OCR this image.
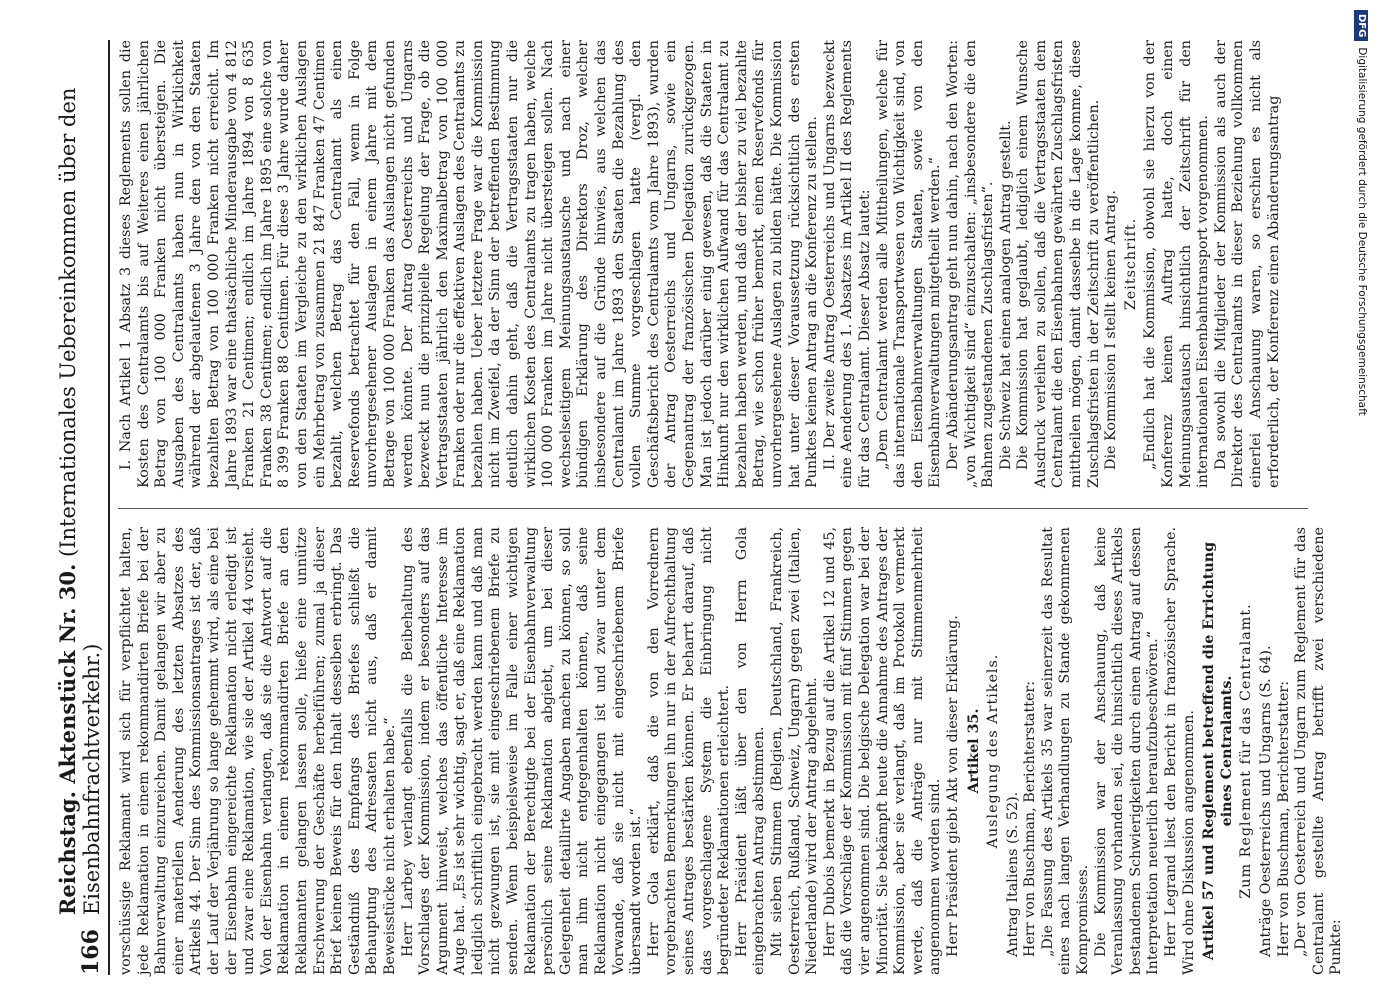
166
Reichstag. Aktenstück Nr. 30. (Internationales Uebereinkommen über den Eisenbahnfrachtverkehr.) vorschüssige Reklamant wird sich für verpflichtet halten, jede Reklamation in einem rekommandirten Briefe bei der Bahnverwaltung einzureichen. Damit gelangen wir aber zu einer materiellen Aenderung des letzten Absatzes des Artikels 44. Der Sinn des Kommissionsantrages ist der, daß der Lauf der Verjährung so lange gehemmt wird, als eine bei der Eisenbahn eingereichte Reklamation nicht erledigt ist und zwar eine Reklamation, wie sie der Artikel 44 vorsieht. Von der Eisenbahn verlangen, daß sie die Antwort auf die Reklamation in einem rekommandirten Briefe an den Reklamanten gelangen lassen solle, hieße eine unnütze Erschwerung der Geschäfte herbeiführen; zumal ja dieser Brief keinen Beweis für den Inhalt desselben erbringt. Das Geständniß des Empfangs des Briefes schließt die Behauptung des Adressaten nicht aus, daß er damit Beweisstücke nicht erhalten habe.“ Herr Larbey verlangt ebenfalls die Beibehaltung des Vorschlages der Kommission, indem er besonders auf das Argument hinweist, welches das öffentliche Interesse im Auge hat. „Es ist sehr wichtig, sagt er, daß eine Reklamation lediglich schriftlich eingebracht werden kann und daß man nicht gezwungen ist, sie mit eingeschriebenem Briefe zu senden. Wenn beispielsweise im Falle einer wichtigen Reklamation der Berechtigte bei der Eisenbahnverwaltung persönlich seine Reklamation abgiebt, um bei dieser Gelegenheit detaillirte Angaben machen zu können, so soll man ihm nicht entgegenhalten können, daß seine Reklamation nicht eingegangen ist und zwar unter dem Vorwande, daß sie nicht mit eingeschriebenem Briefe übersandt worden ist.“ Herr Gola erklärt, daß die von den Vorrednern vorgebrachten Bemerkungen ihn nur in der Aufrechthaltung seines Antrages bestärken können. Er beharrt darauf, daß das vorgeschlagene System die Einbringung nicht begründeter Reklamationen erleichtert. Herr Präsident läßt über den von Herrn Gola eingebrachten Antrag abstimmen. Mit sieben Stimmen (Belgien, Deutschland, Frankreich, Oesterreich, Rußland, Schweiz, Ungarn) gegen zwei (Italien, Niederlande) wird der Antrag abgelehnt. Herr Dubois bemerkt in Bezug auf die Artikel 12 und 45, daß die Vorschläge der Kommission mit fünf Stimmen gegen vier angenommen sind. Die belgische Delegation war bei der Minorität. Sie bekämpft heute die Annahme des Antrages der Kommission, aber sie verlangt, daß im Protokoll vermerkt werde, daß die Anträge nur mit Stimmenmehrheit angenommen worden sind. Herr Präsident giebt Akt von dieser Erklärung. Artikel 35. Auslegung des Artikels.

Antrag Italiens (S. 52). Herr von Buschman, Berichterstatter: „Die Fassung des Artikels 35 war seinerzeit das Resultat eines nach langen Verhandlungen zu Stande gekommenen Kompromisses. Die Kommission war der Anschauung, daß keine Veranlassung vorhanden sei, die hinsichtlich dieses Artikels bestandenen Schwierigkeiten durch einen Antrag auf dessen Interpretation neuerlich heraufzubeschwören.“ Herr Legrand liest den Bericht in französischer Sprache. Wird ohne Diskussion angenommen. Artikel 57 und Reglement betreffend die Errichtung eines Centralamts. Zum Reglement für das Centralamt. Anträge Oesterreichs und Ungarns (S. 64). Herr von Buschman, Berichterstatter: „Der von Oesterreich und Ungarn zum Reglement für das Centralamt gestellte Antrag betrifft zwei verschiedene Punkte:

I. Nach Artikel 1 Absatz 3 dieses Reglements sollen die Kosten des Centralamts bis auf Weiteres einen jährlichen Betrag von 100 000 Franken nicht übersteigen. Die Ausgaben des Centralamts haben nun in Wirklichkeit während der abgelaufenen 3 Jahre den von den Staaten bezahlten Betrag von 100 000 Franken nicht erreicht. Im Jahre 1893 war eine thatsächliche Minderausgabe von 4 812 Franken 21 Centimen; endlich im Jahre 1894 von 8 635 Franken 38 Centimen; endlich im Jahre 1895 eine solche von 8 399 Franken 88 Centimen. Für diese 3 Jahre wurde daher von den Staaten im Vergleiche zu den wirklichen Auslagen ein Mehrbetrag von zusammen 21 847 Franken 47 Centimen bezahlt, welchen Betrag das Centralamt als einen Reservefonds betrachtet für den Fall, wenn in Folge unvorhergesehener Auslagen in einem Jahre mit dem Betrage von 100 000 Franken das Auslangen nicht gefunden werden könnte. Der Antrag Oesterreichs und Ungarns bezweckt nun die prinzipielle Regelung der Frage, ob die Vertragsstaaten jährlich den Maximalbetrag von 100 000 Franken oder nur die effektiven Auslagen des Centralamts zu bezahlen haben. Ueber letztere Frage war die Kommission nicht im Zweifel, da der Sinn der betreffenden Bestimmung deutlich dahin geht, daß die Vertragsstaaten nur die wirklichen Kosten des Centralamts zu tragen haben, welche 100 000 Franken im Jahre nicht übersteigen sollen. Nach wechselseitigem Meinungsaustausche und nach einer bündigen Erklärung des Direktors Droz, welcher insbesondere auf die Gründe hinwies, aus welchen das Centralamt im Jahre 1893 den Staaten die Bezahlung des vollen Summe vorgeschlagen hatte (vergl. den Geschäftsbericht des Centralamts vom Jahre 1893), wurden der Antrag Oesterreichs und Ungarns, sowie ein Gegenantrag der französischen Delegation zurückgezogen. Man ist jedoch darüber einig gewesen, daß die Staaten in Hinkunft nur den wirklichen Aufwand für das Centralamt zu bezahlen haben werden, und daß der bisher zu viel bezahlte Betrag, wie schon früher bemerkt, einen Reservefonds für unvorhergesehene Auslagen zu bilden hätte. Die Kommission hat unter dieser Voraussetzung rücksichtlich des ersten Punktes keinen Antrag an die Konferenz zu stellen. II. Der zweite Antrag Oesterreichs und Ungarns bezweckt eine Aenderung des 1. Absatzes im Artikel II des Reglements für das Centralamt. Dieser Absatz lautet: „Dem Centralamt werden alle Mittheilungen, welche für das internationale Transportwesen von Wichtigkeit sind, von den Eisenbahnverwaltungen Staaten, sowie von den Eisenbahnverwaltungen mitgetheilt werden.“ Der Abänderungsantrag geht nun dahin, nach den Worten: „von Wichtigkeit sind“ einzuschalten: „insbesondere die den Bahnen zugestandenen Zuschlagsfristen“. Die Schweiz hat einen analogen Antrag gestellt. Die Kommission hat geglaubt, lediglich einem Wunsche Ausdruck verleihen zu sollen, daß die Vertragsstaaten dem Centralamt die den Eisenbahnen gewährten Zuschlagsfristen mittheilen mögen, damit dasselbe in die Lage komme, diese Zuschlagsfristen in der Zeitschrift zu veröffentlichen. Die Kommission I stellt keinen Antrag. Zeitschrift. „Endlich hat die Kommission, obwohl sie hierzu von der Konferenz keinen Auftrag hatte, doch einen Meinungsaustausch hinsichtlich der Zeitschrift für den internationalen Eisenbahntransport vorgenommen. Da sowohl die Mitglieder der Kommission als auch der Direktor des Centralamts in dieser Beziehung vollkommen einerlei Anschauung waren, so erschien es nicht als erforderlich, der Konferenz einen Abänderungsantrag

DFGDigitalisierung gefördert durch die Deutsche Forschungsgemeinschaft
